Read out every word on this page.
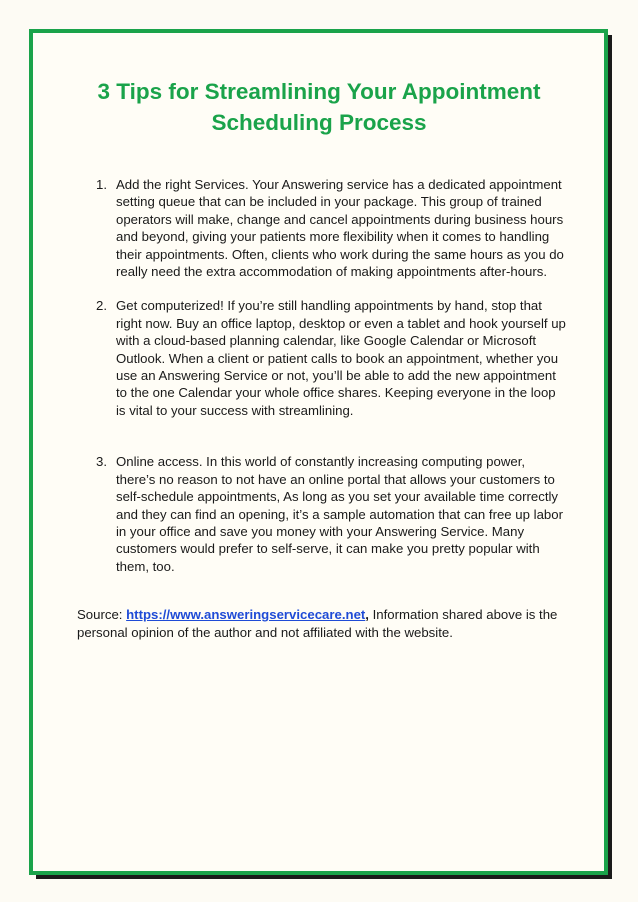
3 Tips for Streamlining Your Appointment Scheduling Process
1. Add the right Services. Your Answering service has a dedicated appointment setting queue that can be included in your package. This group of trained operators will make, change and cancel appointments during business hours and beyond, giving your patients more flexibility when it comes to handling their appointments. Often, clients who work during the same hours as you do really need the extra accommodation of making appointments after-hours.
2. Get computerized! If you’re still handling appointments by hand, stop that right now. Buy an office laptop, desktop or even a tablet and hook yourself up with a cloud-based planning calendar, like Google Calendar or Microsoft Outlook. When a client or patient calls to book an appointment, whether you use an Answering Service or not, you’ll be able to add the new appointment to the one Calendar your whole office shares. Keeping everyone in the loop is vital to your success with streamlining.
3. Online access. In this world of constantly increasing computing power, there’s no reason to not have an online portal that allows your customers to self-schedule appointments, As long as you set your available time correctly and they can find an opening, it’s a sample automation that can free up labor in your office and save you money with your Answering Service. Many customers would prefer to self-serve, it can make you pretty popular with them, too.

Source: https://www.answeringservicecare.net, Information shared above is the personal opinion of the author and not affiliated with the website.
